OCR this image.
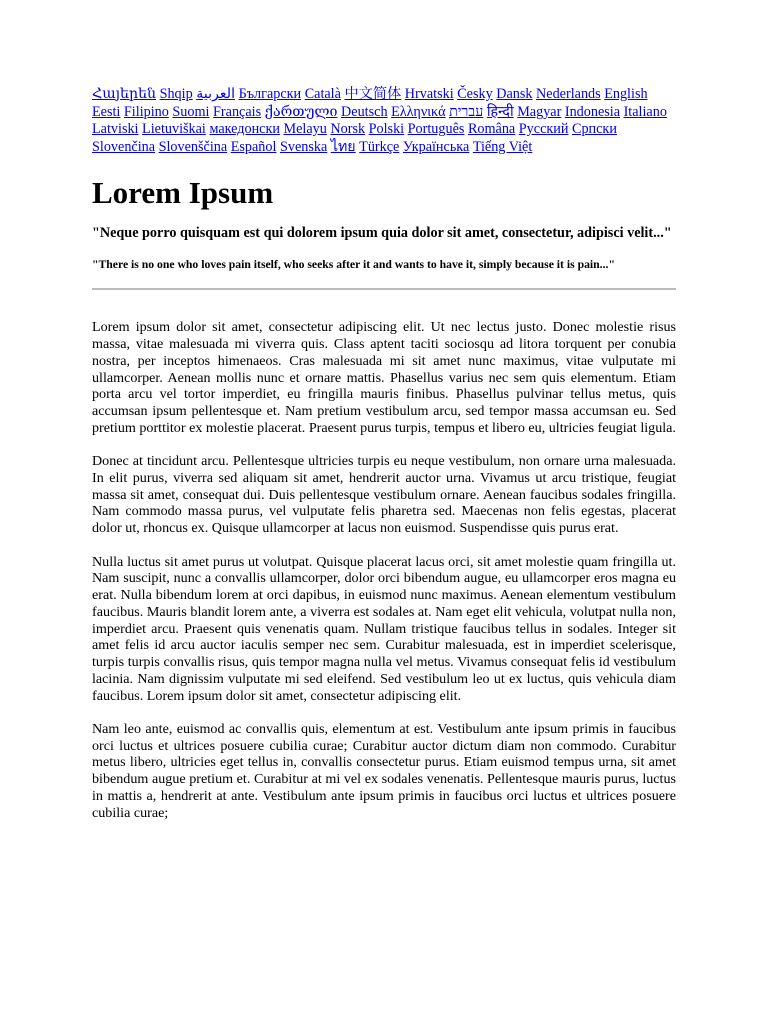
Հայերեն Shqip العربية Български Català 中文简体 Hrvatski Česky Dansk Nederlands English Eesti Filipino Suomi Français ქართული Deutsch Ελληνικά עברית हिन्दी Magyar Indonesia Italiano Latviski Lietuviškai македонски Melayu Norsk Polski Português Româna Pyccкий Српски Slovenčina Slovenščina Español Svenska ไทย Türkçe Українська Tiếng Việt

Lorem Ipsum
"Neque porro quisquam est qui dolorem ipsum quia dolor sit amet, consectetur, adipisci velit..."
"There is no one who loves pain itself, who seeks after it and wants to have it, simply because it is pain..."

Lorem ipsum dolor sit amet, consectetur adipiscing elit. Ut nec lectus justo. Donec molestie risus massa, vitae malesuada mi viverra quis. Class aptent taciti sociosqu ad litora torquent per conubia nostra, per inceptos himenaeos. Cras malesuada mi sit amet nunc maximus, vitae vulputate mi ullamcorper. Aenean mollis nunc et ornare mattis. Phasellus varius nec sem quis elementum. Etiam porta arcu vel tortor imperdiet, eu fringilla mauris finibus. Phasellus pulvinar tellus metus, quis accumsan ipsum pellentesque et. Nam pretium vestibulum arcu, sed tempor massa accumsan eu. Sed pretium porttitor ex molestie placerat. Praesent purus turpis, tempus et libero eu, ultricies feugiat ligula.

Donec at tincidunt arcu. Pellentesque ultricies turpis eu neque vestibulum, non ornare urna malesuada. In elit purus, viverra sed aliquam sit amet, hendrerit auctor urna. Vivamus ut arcu tristique, feugiat massa sit amet, consequat dui. Duis pellentesque vestibulum ornare. Aenean faucibus sodales fringilla. Nam commodo massa purus, vel vulputate felis pharetra sed. Maecenas non felis egestas, placerat dolor ut, rhoncus ex. Quisque ullamcorper at lacus non euismod. Suspendisse quis purus erat.

Nulla luctus sit amet purus ut volutpat. Quisque placerat lacus orci, sit amet molestie quam fringilla ut. Nam suscipit, nunc a convallis ullamcorper, dolor orci bibendum augue, eu ullamcorper eros magna eu erat. Nulla bibendum lorem at orci dapibus, in euismod nunc maximus. Aenean elementum vestibulum faucibus. Mauris blandit lorem ante, a viverra est sodales at. Nam eget elit vehicula, volutpat nulla non, imperdiet arcu. Praesent quis venenatis quam. Nullam tristique faucibus tellus in sodales. Integer sit amet felis id arcu auctor iaculis semper nec sem. Curabitur malesuada, est in imperdiet scelerisque, turpis turpis convallis risus, quis tempor magna nulla vel metus. Vivamus consequat felis id vestibulum lacinia. Nam dignissim vulputate mi sed eleifend. Sed vestibulum leo ut ex luctus, quis vehicula diam faucibus. Lorem ipsum dolor sit amet, consectetur adipiscing elit.

Nam leo ante, euismod ac convallis quis, elementum at est. Vestibulum ante ipsum primis in faucibus orci luctus et ultrices posuere cubilia curae; Curabitur auctor dictum diam non commodo. Curabitur metus libero, ultricies eget tellus in, convallis consectetur purus. Etiam euismod tempus urna, sit amet bibendum augue pretium et. Curabitur at mi vel ex sodales venenatis. Pellentesque mauris purus, luctus in mattis a, hendrerit at ante. Vestibulum ante ipsum primis in faucibus orci luctus et ultrices posuere cubilia curae;
